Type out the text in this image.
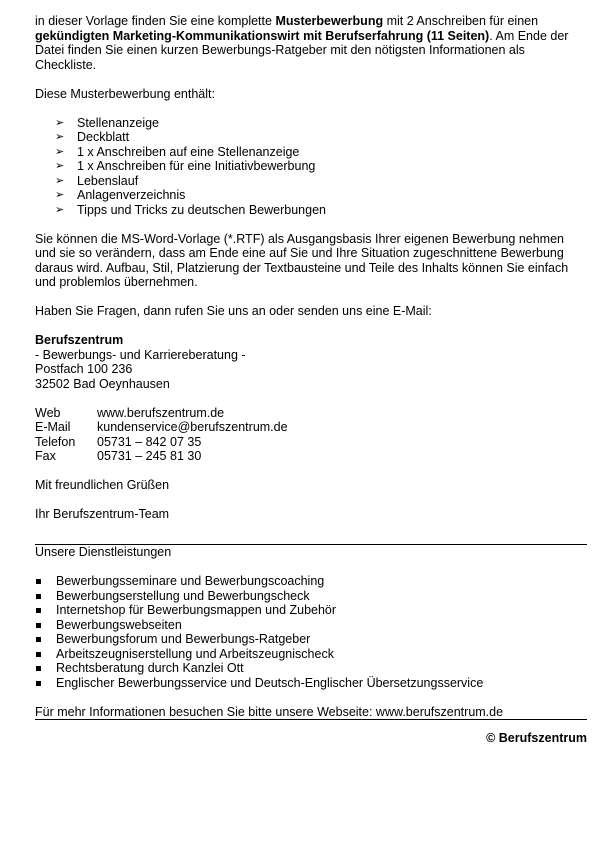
in dieser Vorlage finden Sie eine komplette Musterbewerbung mit 2 Anschreiben für einen gekündigten Marketing-Kommunikationswirt mit Berufserfahrung (11 Seiten). Am Ende der Datei finden Sie einen kurzen Bewerbungs-Ratgeber mit den nötigsten Informationen als Checkliste.

Diese Musterbewerbung enthält:

➢ Stellenanzeige
➢ Deckblatt
➢ 1 x Anschreiben auf eine Stellenanzeige
➢ 1 x Anschreiben für eine Initiativbewerbung
➢ Lebenslauf
➢ Anlagenverzeichnis
➢ Tipps und Tricks zu deutschen Bewerbungen

Sie können die MS-Word-Vorlage (*.RTF) als Ausgangsbasis Ihrer eigenen Bewerbung nehmen und sie so verändern, dass am Ende eine auf Sie und Ihre Situation zugeschnittene Bewerbung daraus wird. Aufbau, Stil, Platzierung der Textbausteine und Teile des Inhalts können Sie einfach und problemlos übernehmen.

Haben Sie Fragen, dann rufen Sie uns an oder senden uns eine E-Mail:

Berufszentrum

- Bewerbungs- und Karriereberatung -

Postfach 100 236

32502 Bad Oeynhausen

Web	www.berufszentrum.de
E-Mail	kundenservice@berufszentrum.de
Telefon	05731 – 842 07 35
Fax	05731 – 245 81 30

Mit freundlichen Grüßen

Ihr Berufszentrum-Team

Unsere Dienstleistungen

Bewerbungsseminare und Bewerbungscoaching
Bewerbungserstellung und Bewerbungscheck
Internetshop für Bewerbungsmappen und Zubehör
Bewerbungswebseiten
Bewerbungsforum und Bewerbungs-Ratgeber
Arbeitszeugniserstellung und Arbeitszeugnischeck
Rechtsberatung durch Kanzlei Ott
Englischer Bewerbungsservice und Deutsch-Englischer Übersetzungsservice

Für mehr Informationen besuchen Sie bitte unsere Webseite: www.berufszentrum.de

© Berufszentrum
